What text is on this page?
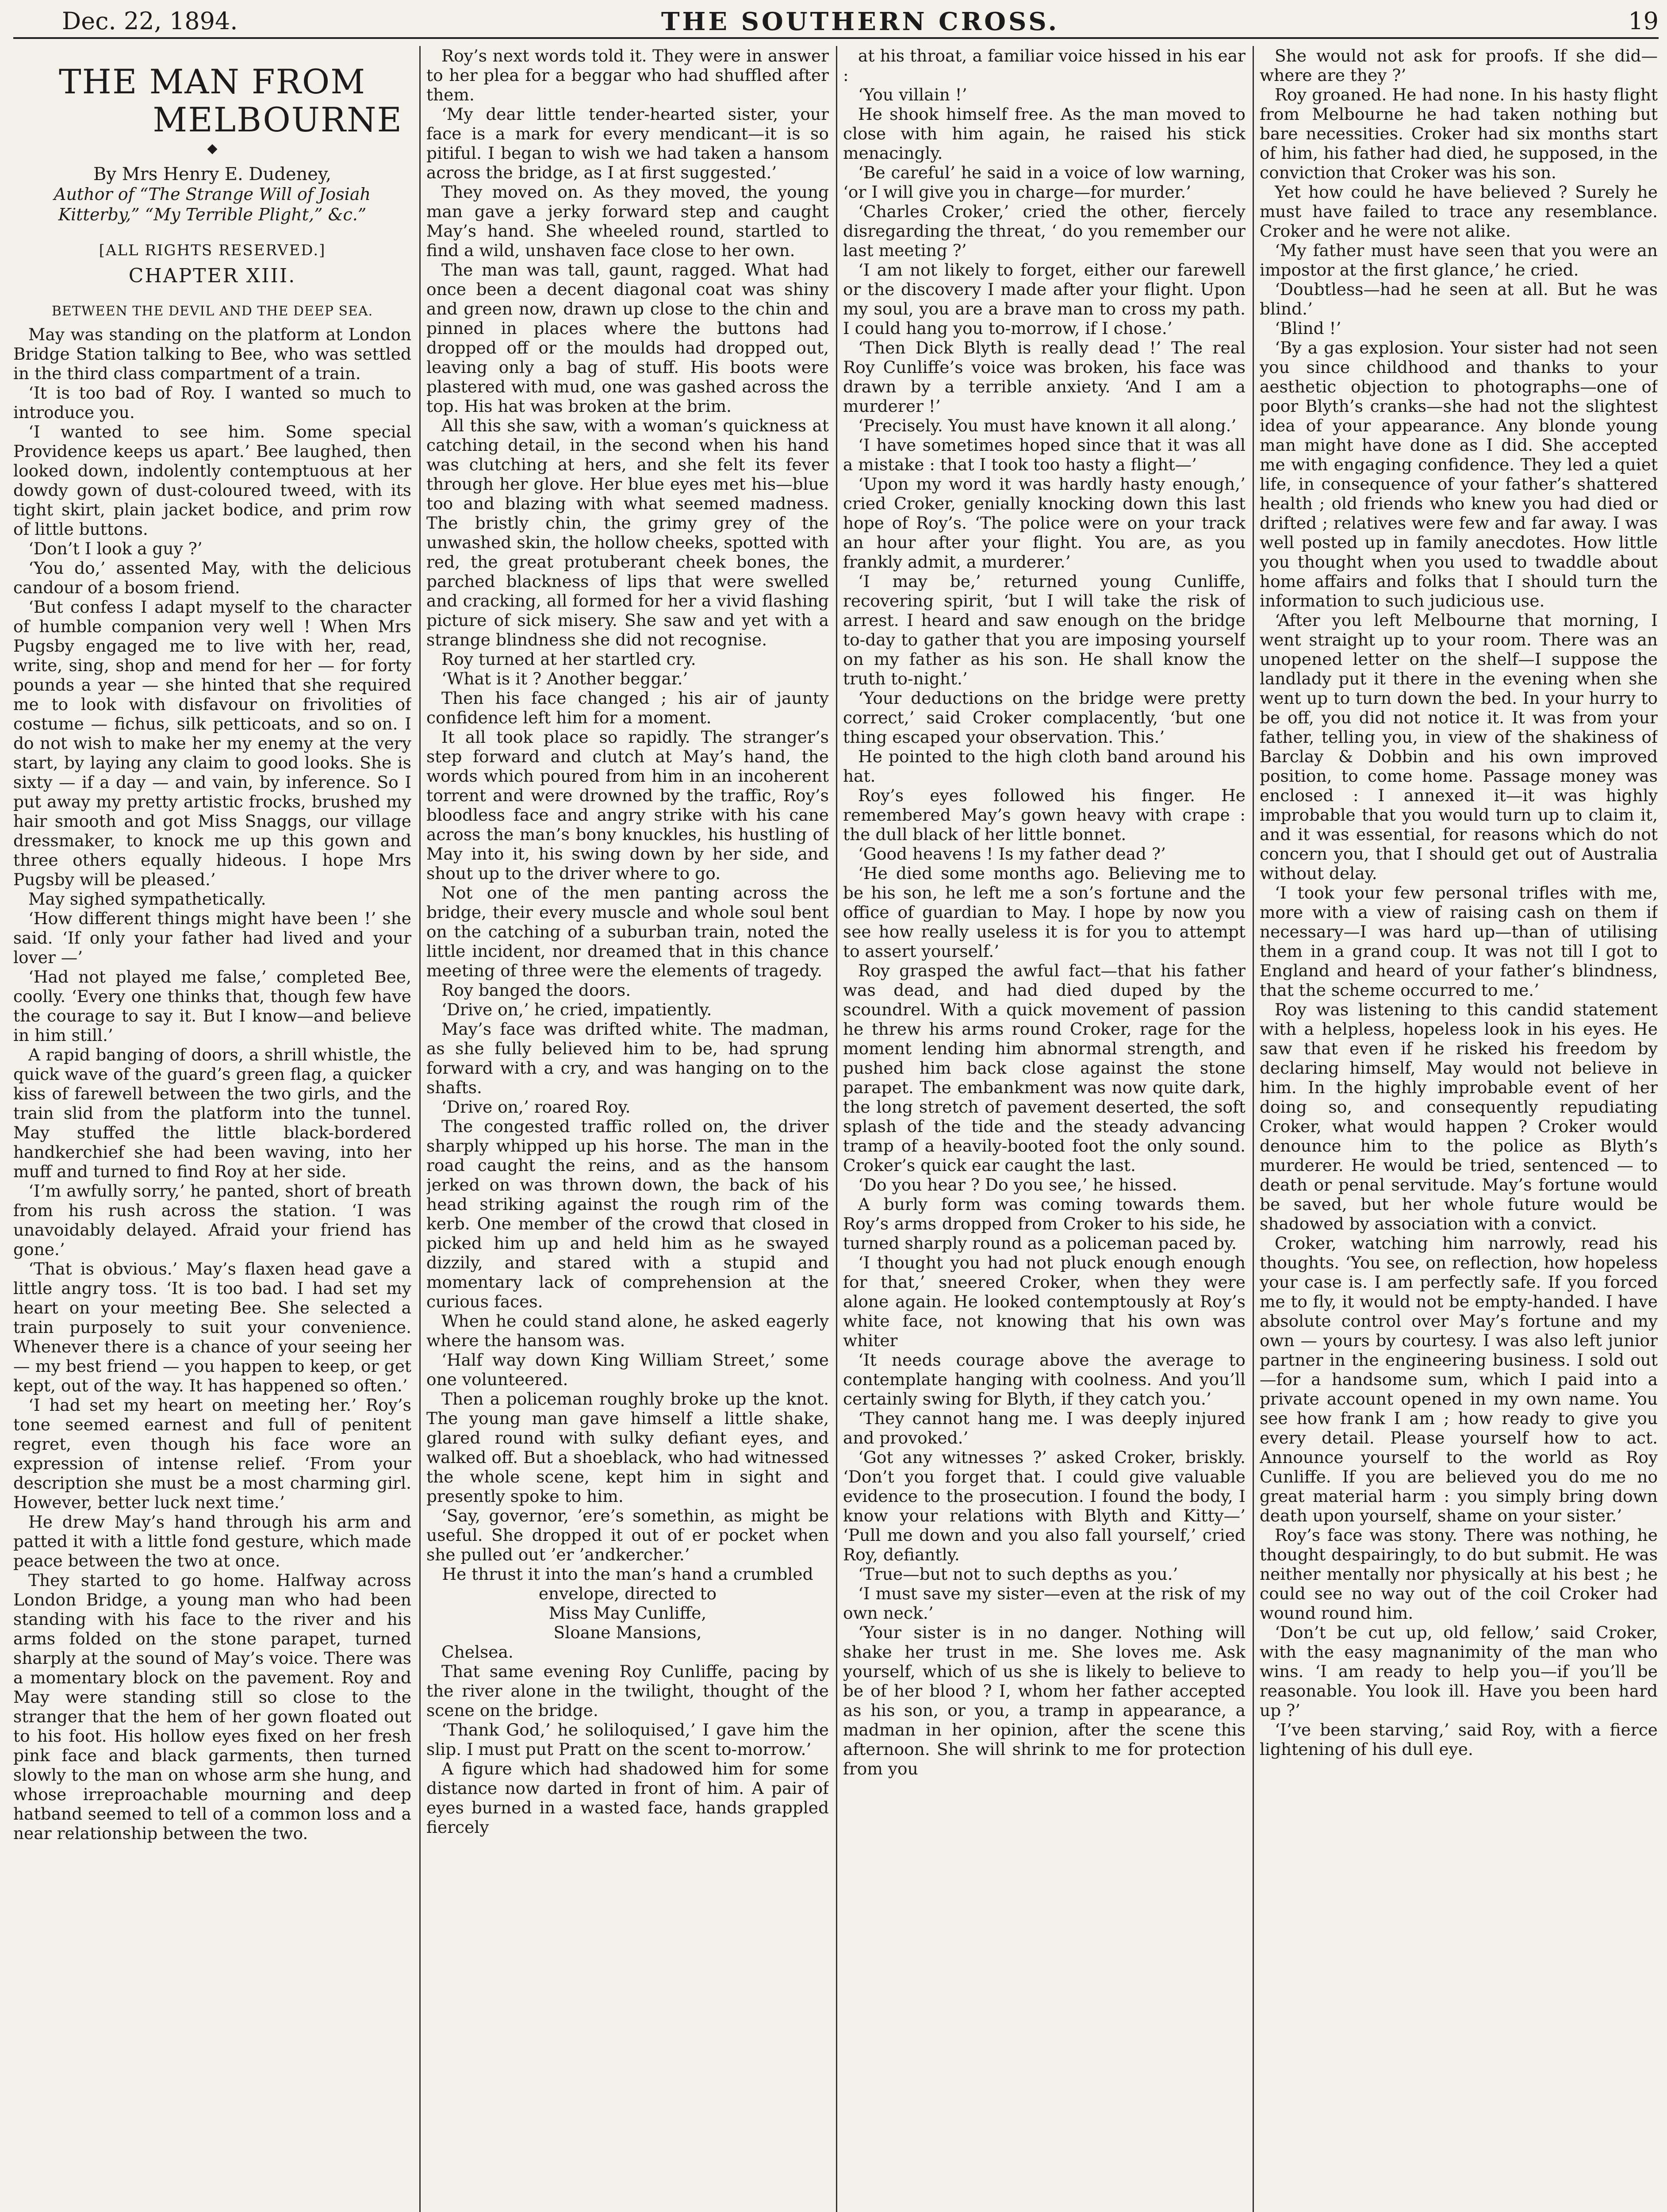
Dec. 22, 1894.	THE SOUTHERN CROSS.	19
THE MAN FROM
MELBOURNE
◆
By Mrs Henry E. Dudeney,
Author of “The Strange Will of Josiah Kitterby,” “My Terrible Plight,” &c.”
[ALL RIGHTS RESERVED.]
CHAPTER XIII.
BETWEEN THE DEVIL AND THE DEEP SEA.

May was standing on the platform at London Bridge Station talking to Bee, who was settled in the third class compartment of a train.

‘It is too bad of Roy. I wanted so much to introduce you.

‘I wanted to see him. Some special Providence keeps us apart.’ Bee laughed, then looked down, indolently contemptuous at her dowdy gown of dust-coloured tweed, with its tight skirt, plain jacket bodice, and prim row of little buttons.

‘Don’t I look a guy ?’

‘You do,’ assented May, with the delicious candour of a bosom friend.

‘But confess I adapt myself to the character of humble companion very well ! When Mrs Pugsby engaged me to live with her, read, write, sing, shop and mend for her — for forty pounds a year — she hinted that she required me to look with disfavour on frivolities of costume — fichus, silk petticoats, and so on. I do not wish to make her my enemy at the very start, by laying any claim to good looks. She is sixty — if a day — and vain, by inference. So I put away my pretty artistic frocks, brushed my hair smooth and got Miss Snaggs, our village dressmaker, to knock me up this gown and three others equally hideous. I hope Mrs Pugsby will be pleased.’

May sighed sympathetically.

‘How different things might have been !’ she said. ‘If only your father had lived and your lover —’

‘Had not played me false,’ completed Bee, coolly. ‘Every one thinks that, though few have the courage to say it. But I know—and believe in him still.’

A rapid banging of doors, a shrill whistle, the quick wave of the guard’s green flag, a quicker kiss of farewell between the two girls, and the train slid from the platform into the tunnel. May stuffed the little black-bordered handkerchief she had been waving, into her muff and turned to find Roy at her side.

‘I’m awfully sorry,’ he panted, short of breath from his rush across the station. ‘I was unavoidably delayed. Afraid your friend has gone.’

‘That is obvious.’ May’s flaxen head gave a little angry toss. ‘It is too bad. I had set my heart on your meeting Bee. She selected a train purposely to suit your convenience. Whenever there is a chance of your seeing her — my best friend — you happen to keep, or get kept, out of the way. It has happened so often.’

‘I had set my heart on meeting her.’ Roy’s tone seemed earnest and full of penitent regret, even though his face wore an expression of intense relief. ‘From your description she must be a most charming girl. However, better luck next time.’

He drew May’s hand through his arm and patted it with a little fond gesture, which made peace between the two at once.

They started to go home. Halfway across London Bridge, a young man who had been standing with his face to the river and his arms folded on the stone parapet, turned sharply at the sound of May’s voice. There was a momentary block on the pavement. Roy and May were standing still so close to the stranger that the hem of her gown floated out to his foot. His hollow eyes fixed on her fresh pink face and black garments, then turned slowly to the man on whose arm she hung, and whose irreproachable mourning and deep hatband seemed to tell of a common loss and a near relationship between the two.

Roy’s next words told it. They were in answer to her plea for a beggar who had shuffled after them.

‘My dear little tender-hearted sister, your face is a mark for every mendicant—it is so pitiful. I began to wish we had taken a hansom across the bridge, as I at first suggested.’

They moved on. As they moved, the young man gave a jerky forward step and caught May’s hand. She wheeled round, startled to find a wild, unshaven face close to her own.

The man was tall, gaunt, ragged. What had once been a decent diagonal coat was shiny and green now, drawn up close to the chin and pinned in places where the buttons had dropped off or the moulds had dropped out, leaving only a bag of stuff. His boots were plastered with mud, one was gashed across the top. His hat was broken at the brim.

All this she saw, with a woman’s quickness at catching detail, in the second when his hand was clutching at hers, and she felt its fever through her glove. Her blue eyes met his—blue too and blazing with what seemed madness. The bristly chin, the grimy grey of the unwashed skin, the hollow cheeks, spotted with red, the great protuberant cheek bones, the parched blackness of lips that were swelled and cracking, all formed for her a vivid flashing picture of sick misery. She saw and yet with a strange blindness she did not recognise.

Roy turned at her startled cry.

‘What is it ? Another beggar.’

Then his face changed ; his air of jaunty confidence left him for a moment.

It all took place so rapidly. The stranger’s step forward and clutch at May’s hand, the words which poured from him in an incoherent torrent and were drowned by the traffic, Roy’s bloodless face and angry strike with his cane across the man’s bony knuckles, his hustling of May into it, his swing down by her side, and shout up to the driver where to go.

Not one of the men panting across the bridge, their every muscle and whole soul bent on the catching of a suburban train, noted the little incident, nor dreamed that in this chance meeting of three were the elements of tragedy.

Roy banged the doors.

‘Drive on,’ he cried, impatiently.

May’s face was drifted white. The madman, as she fully believed him to be, had sprung forward with a cry, and was hanging on to the shafts.

‘Drive on,’ roared Roy.

The congested traffic rolled on, the driver sharply whipped up his horse. The man in the road caught the reins, and as the hansom jerked on was thrown down, the back of his head striking against the rough rim of the kerb. One member of the crowd that closed in picked him up and held him as he swayed dizzily, and stared with a stupid and momentary lack of comprehension at the curious faces.

When he could stand alone, he asked eagerly where the hansom was.

‘Half way down King William Street,’ some one volunteered.

Then a policeman roughly broke up the knot. The young man gave himself a little shake, glared round with sulky defiant eyes, and walked off. But a shoeblack, who had witnessed the whole scene, kept him in sight and presently spoke to him.

‘Say, governor, ’ere’s somethin, as might be useful. She dropped it out of er pocket when she pulled out ’er ’andkercher.’

He thrust it into the man’s hand a crumbled envelope, directed to

Miss May Cunliffe,

Sloane Mansions,

Chelsea.

That same evening Roy Cunliffe, pacing by the river alone in the twilight, thought of the scene on the bridge.

‘Thank God,’ he soliloquised,’ I gave him the slip. I must put Pratt on the scent to-morrow.’

A figure which had shadowed him for some distance now darted in front of him. A pair of eyes burned in a wasted face, hands grappled fiercely

at his throat, a familiar voice hissed in his ear :

‘You villain !’

He shook himself free. As the man moved to close with him again, he raised his stick menacingly.

‘Be careful’ he said in a voice of low warning, ‘or I will give you in charge—for murder.’

‘Charles Croker,’ cried the other, fiercely disregarding the threat, ‘ do you remember our last meeting ?’

‘I am not likely to forget, either our farewell or the discovery I made after your flight. Upon my soul, you are a brave man to cross my path. I could hang you to-morrow, if I chose.’

‘Then Dick Blyth is really dead !’ The real Roy Cunliffe’s voice was broken, his face was drawn by a terrible anxiety. ‘And I am a murderer !’

‘Precisely. You must have known it all along.’

‘I have sometimes hoped since that it was all a mistake : that I took too hasty a flight—’

‘Upon my word it was hardly hasty enough,’ cried Croker, genially knocking down this last hope of Roy’s. ‘The police were on your track an hour after your flight. You are, as you frankly admit, a murderer.’

‘I may be,’ returned young Cunliffe, recovering spirit, ‘but I will take the risk of arrest. I heard and saw enough on the bridge to-day to gather that you are imposing yourself on my father as his son. He shall know the truth to-night.’

‘Your deductions on the bridge were pretty correct,’ said Croker complacently, ‘but one thing escaped your observation. This.’

He pointed to the high cloth band around his hat.

Roy’s eyes followed his finger. He remembered May’s gown heavy with crape : the dull black of her little bonnet.

‘Good heavens ! Is my father dead ?’

‘He died some months ago. Believing me to be his son, he left me a son’s fortune and the office of guardian to May. I hope by now you see how really useless it is for you to attempt to assert yourself.’

Roy grasped the awful fact—that his father was dead, and had died duped by the scoundrel. With a quick movement of passion he threw his arms round Croker, rage for the moment lending him abnormal strength, and pushed him back close against the stone parapet. The embankment was now quite dark, the long stretch of pavement deserted, the soft splash of the tide and the steady advancing tramp of a heavily-booted foot the only sound. Croker’s quick ear caught the last.

‘Do you hear ? Do you see,’ he hissed.

A burly form was coming towards them. Roy’s arms dropped from Croker to his side, he turned sharply round as a policeman paced by.

‘I thought you had not pluck enough enough for that,’ sneered Croker, when they were alone again. He looked contemptously at Roy’s white face, not knowing that his own was whiter

‘It needs courage above the average to contemplate hanging with coolness. And you’ll certainly swing for Blyth, if they catch you.’

‘They cannot hang me. I was deeply injured and provoked.’

‘Got any witnesses ?’ asked Croker, briskly. ‘Don’t you forget that. I could give valuable evidence to the prosecution. I found the body, I know your relations with Blyth and Kitty—’ ‘Pull me down and you also fall yourself,’ cried Roy, defiantly.

‘True—but not to such depths as you.’

‘I must save my sister—even at the risk of my own neck.’

‘Your sister is in no danger. Nothing will shake her trust in me. She loves me. Ask yourself, which of us she is likely to believe to be of her blood ? I, whom her father accepted as his son, or you, a tramp in appearance, a madman in her opinion, after the scene this afternoon. She will shrink to me for protection from you

She would not ask for proofs. If she did—where are they ?’

Roy groaned. He had none. In his hasty flight from Melbourne he had taken nothing but bare necessities. Croker had six months start of him, his father had died, he supposed, in the conviction that Croker was his son.

Yet how could he have believed ? Surely he must have failed to trace any resemblance. Croker and he were not alike.

‘My father must have seen that you were an impostor at the first glance,’ he cried.

‘Doubtless—had he seen at all. But he was blind.’

‘Blind !’

‘By a gas explosion. Your sister had not seen you since childhood and thanks to your aesthetic objection to photographs—one of poor Blyth’s cranks—she had not the slightest idea of your appearance. Any blonde young man might have done as I did. She accepted me with engaging confidence. They led a quiet life, in consequence of your father’s shattered health ; old friends who knew you had died or drifted ; relatives were few and far away. I was well posted up in family anecdotes. How little you thought when you used to twaddle about home affairs and folks that I should turn the information to such judicious use.

‘After you left Melbourne that morning, I went straight up to your room. There was an unopened letter on the shelf—I suppose the landlady put it there in the evening when she went up to turn down the bed. In your hurry to be off, you did not notice it. It was from your father, telling you, in view of the shakiness of Barclay & Dobbin and his own improved position, to come home. Passage money was enclosed : I annexed it—it was highly improbable that you would turn up to claim it, and it was essential, for reasons which do not concern you, that I should get out of Australia without delay.

‘I took your few personal trifles with me, more with a view of raising cash on them if necessary—I was hard up—than of utilising them in a grand coup. It was not till I got to England and heard of your father’s blindness, that the scheme occurred to me.’

Roy was listening to this candid statement with a helpless, hopeless look in his eyes. He saw that even if he risked his freedom by declaring himself, May would not believe in him. In the highly improbable event of her doing so, and consequently repudiating Croker, what would happen ? Croker would denounce him to the police as Blyth’s murderer. He would be tried, sentenced — to death or penal servitude. May’s fortune would be saved, but her whole future would be shadowed by association with a convict.

Croker, watching him narrowly, read his thoughts. ‘You see, on reflection, how hopeless your case is. I am perfectly safe. If you forced me to fly, it would not be empty-handed. I have absolute control over May’s fortune and my own — yours by courtesy. I was also left junior partner in the engineering business. I sold out—for a handsome sum, which I paid into a private account opened in my own name. You see how frank I am ; how ready to give you every detail. Please yourself how to act. Announce yourself to the world as Roy Cunliffe. If you are believed you do me no great material harm : you simply bring down death upon yourself, shame on your sister.’

Roy’s face was stony. There was nothing, he thought despairingly, to do but submit. He was neither mentally nor physically at his best ; he could see no way out of the coil Croker had wound round him.

‘Don’t be cut up, old fellow,’ said Croker, with the easy magnanimity of the man who wins. ‘I am ready to help you—if you’ll be reasonable. You look ill. Have you been hard up ?’

‘I’ve been starving,’ said Roy, with a fierce lightening of his dull eye.
